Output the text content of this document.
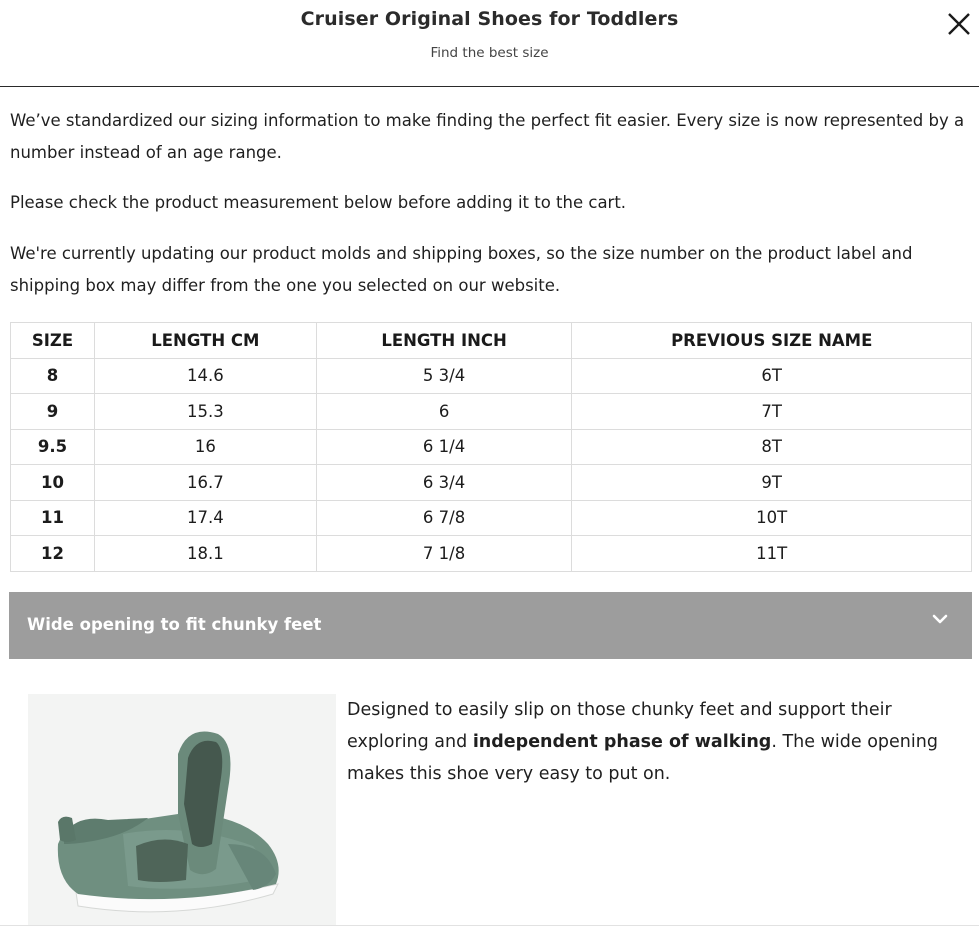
Cruiser Original Shoes for Toddlers
Find the best size

We’ve standardized our sizing information to make finding the perfect fit easier. Every size is now represented by a number instead of an age range.

Please check the product measurement below before adding it to the cart.

We're currently updating our product molds and shipping boxes, so the size number on the product label and shipping box may differ from the one you selected on our website.

SIZE	LENGTH CM	LENGTH INCH	PREVIOUS SIZE NAME
8	14.6	5 3/4	6T
9	15.3	6	7T
9.5	16	6 1/4	8T
10	16.7	6 3/4	9T
11	17.4	6 7/8	10T
12	18.1	7 1/8	11T
Wide opening to fit chunky feet

Designed to easily slip on those chunky feet and support their exploring and independent phase of walking. The wide opening makes this shoe very easy to put on.
